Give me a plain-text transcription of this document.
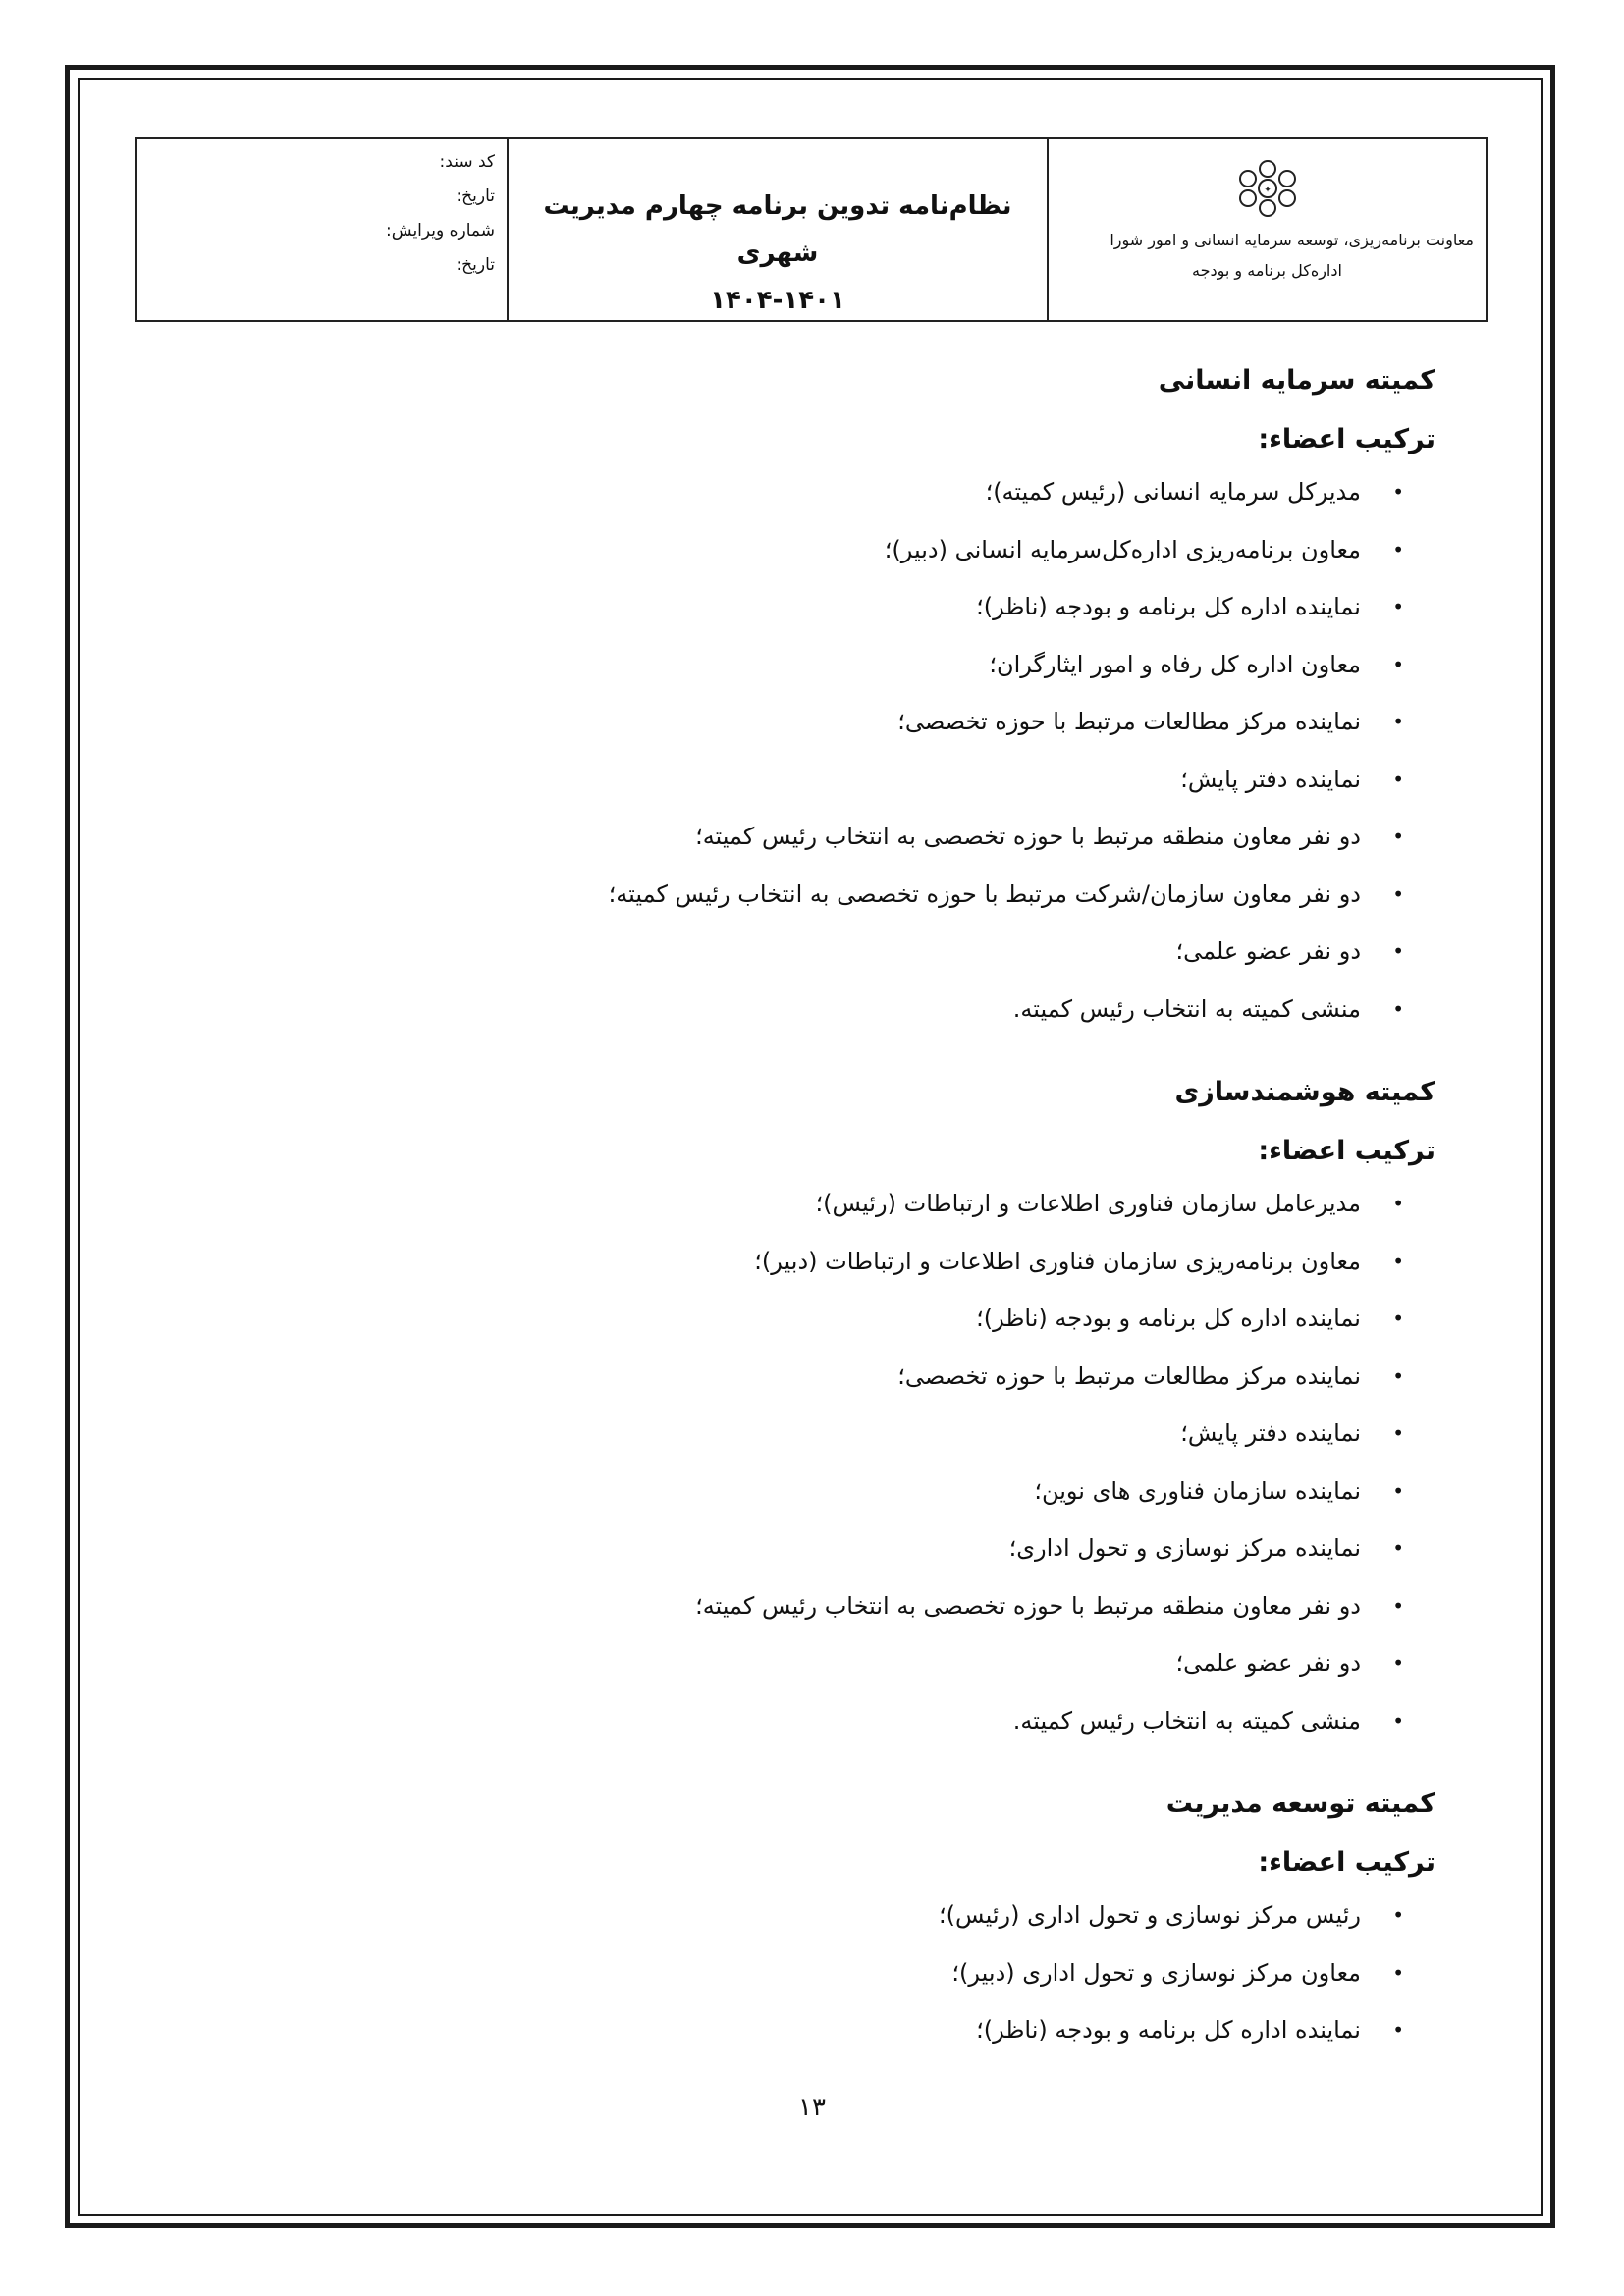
کد سند:
تاریخ:
شماره ویرایش:
تاریخ:
نظام‌نامه تدوین برنامه چهارم مدیریت شهری
۱۴۰۴-۱۴۰۱
✦
معاونت برنامه‌ریزی، توسعه سرمایه انسانی و امور شورا
اداره‌کل برنامه و بودجه
کمیته سرمایه انسانی
ترکیب اعضاء:
•
مدیرکل سرمایه انسانی (رئیس کمیته)؛
•
معاون برنامه‌ریزی اداره‌کل‌سرمایه انسانی (دبیر)؛
•
نماینده اداره کل برنامه و بودجه (ناظر)؛
•
معاون اداره کل رفاه و امور ایثارگران؛
•
نماینده مرکز مطالعات مرتبط با حوزه تخصصی؛
•
نماینده دفتر پایش؛
•
دو نفر معاون منطقه مرتبط با حوزه تخصصی به انتخاب رئیس کمیته؛
•
دو نفر معاون سازمان/شرکت مرتبط با حوزه تخصصی به انتخاب رئیس کمیته؛
•
دو نفر عضو علمی؛
•
منشی کمیته به انتخاب رئیس کمیته.
کمیته هوشمندسازی
ترکیب اعضاء:
•
مدیرعامل سازمان فناوری اطلاعات و ارتباطات (رئیس)؛
•
معاون برنامه‌ریزی سازمان فناوری اطلاعات و ارتباطات (دبیر)؛
•
نماینده اداره کل برنامه و بودجه (ناظر)؛
•
نماینده مرکز مطالعات مرتبط با حوزه تخصصی؛
•
نماینده دفتر پایش؛
•
نماینده سازمان فناوری های نوین؛
•
نماینده مرکز نوسازی و تحول اداری؛
•
دو نفر معاون منطقه مرتبط با حوزه تخصصی به انتخاب رئیس کمیته؛
•
دو نفر عضو علمی؛
•
منشی کمیته به انتخاب رئیس کمیته.
کمیته توسعه مدیریت
ترکیب اعضاء:
•
رئیس مرکز نوسازی و تحول اداری (رئیس)؛
•
معاون مرکز نوسازی و تحول اداری (دبیر)؛
•
نماینده اداره کل برنامه و بودجه (ناظر)؛
۱۳
